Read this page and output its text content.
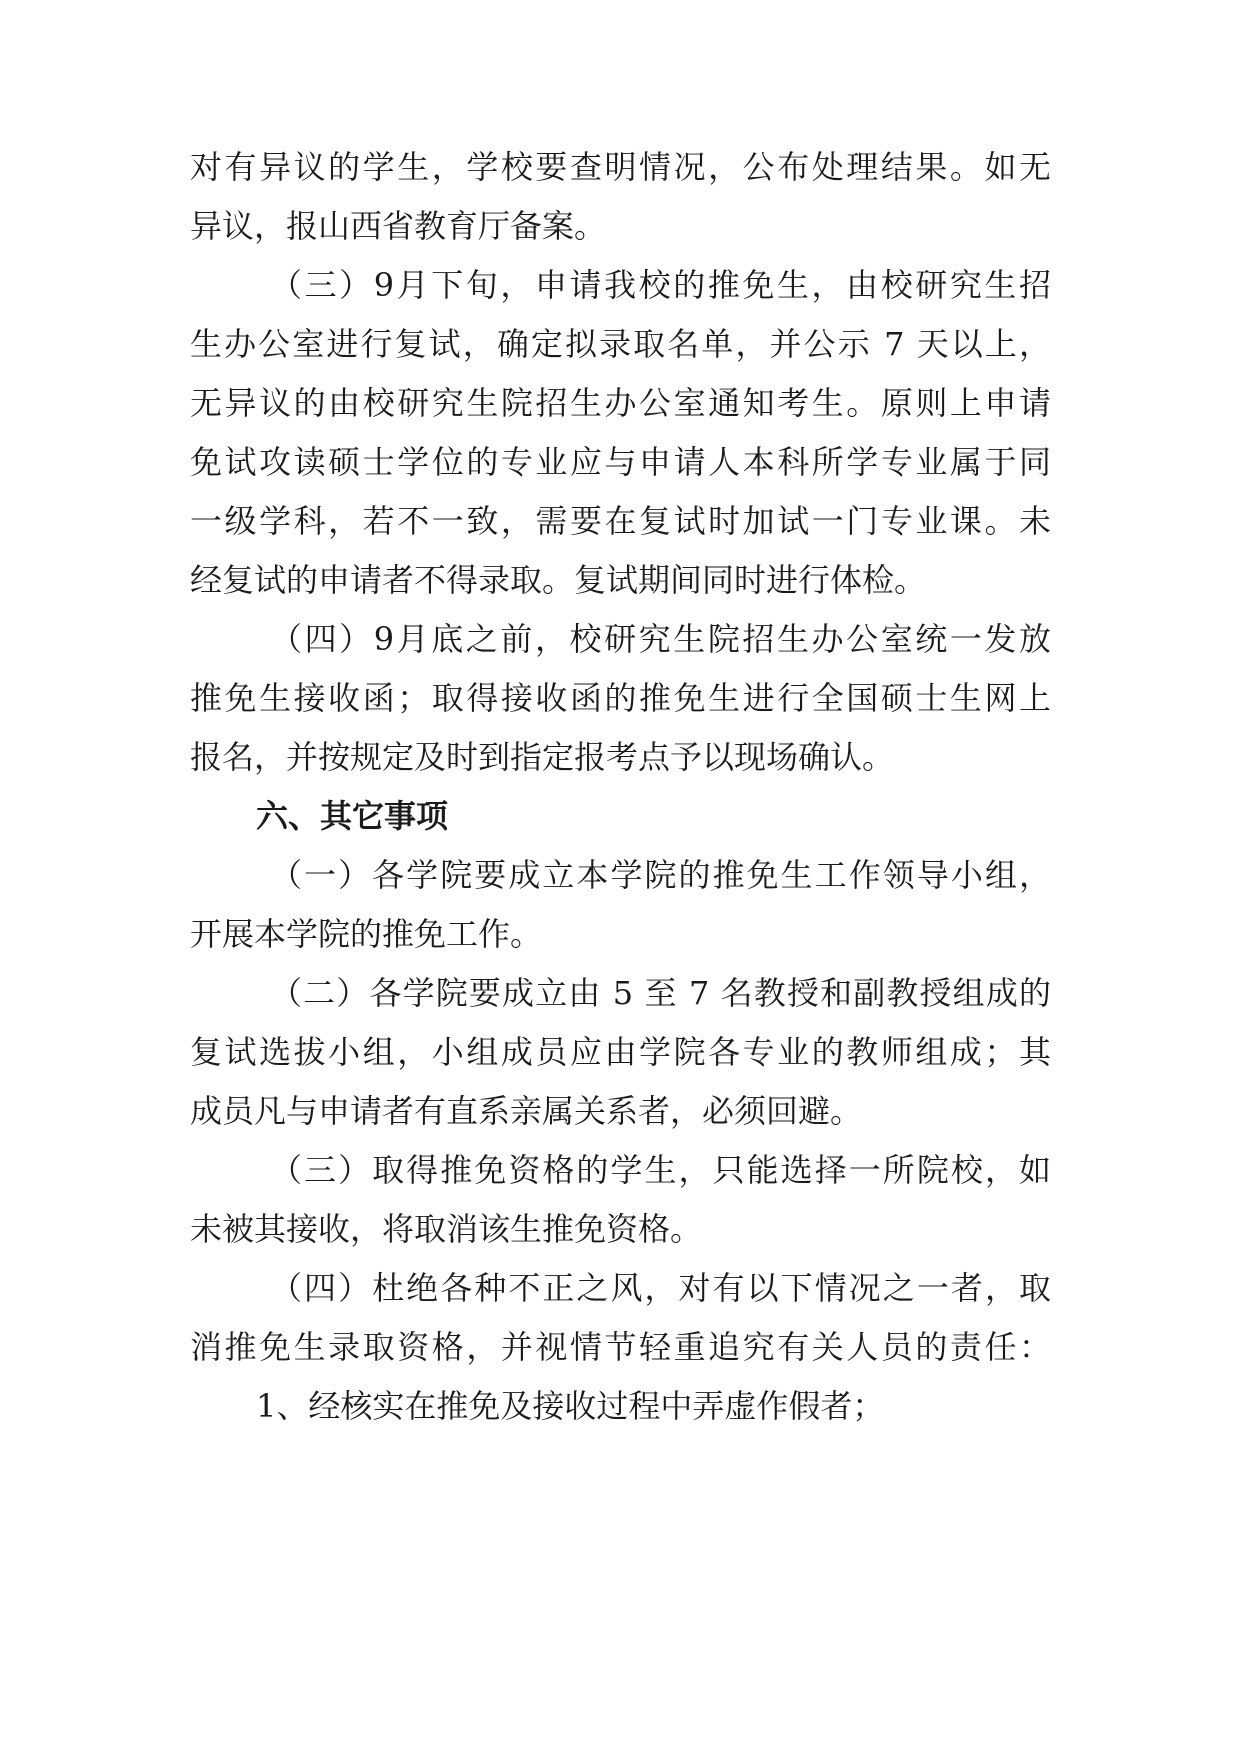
对有异议的学生，学校要查明情况，公布处理结果。如无
异议，报山西省教育厅备案。
（三）9月下旬，申请我校的推免生，由校研究生招
生办公室进行复试，确定拟录取名单，并公示 7 天以上，
无异议的由校研究生院招生办公室通知考生。原则上申请
免试攻读硕士学位的专业应与申请人本科所学专业属于同
一级学科，若不一致，需要在复试时加试一门专业课。未
经复试的申请者不得录取。复试期间同时进行体检。
（四）9月底之前，校研究生院招生办公室统一发放
推免生接收函；取得接收函的推免生进行全国硕士生网上
报名，并按规定及时到指定报考点予以现场确认。
六、其它事项
（一）各学院要成立本学院的推免生工作领导小组，
开展本学院的推免工作。
（二）各学院要成立由 5 至 7 名教授和副教授组成的
复试选拔小组，小组成员应由学院各专业的教师组成；其
成员凡与申请者有直系亲属关系者，必须回避。
（三）取得推免资格的学生，只能选择一所院校，如
未被其接收，将取消该生推免资格。
（四）杜绝各种不正之风，对有以下情况之一者，取
消推免生录取资格，并视情节轻重追究有关人员的责任：
1、经核实在推免及接收过程中弄虚作假者；
